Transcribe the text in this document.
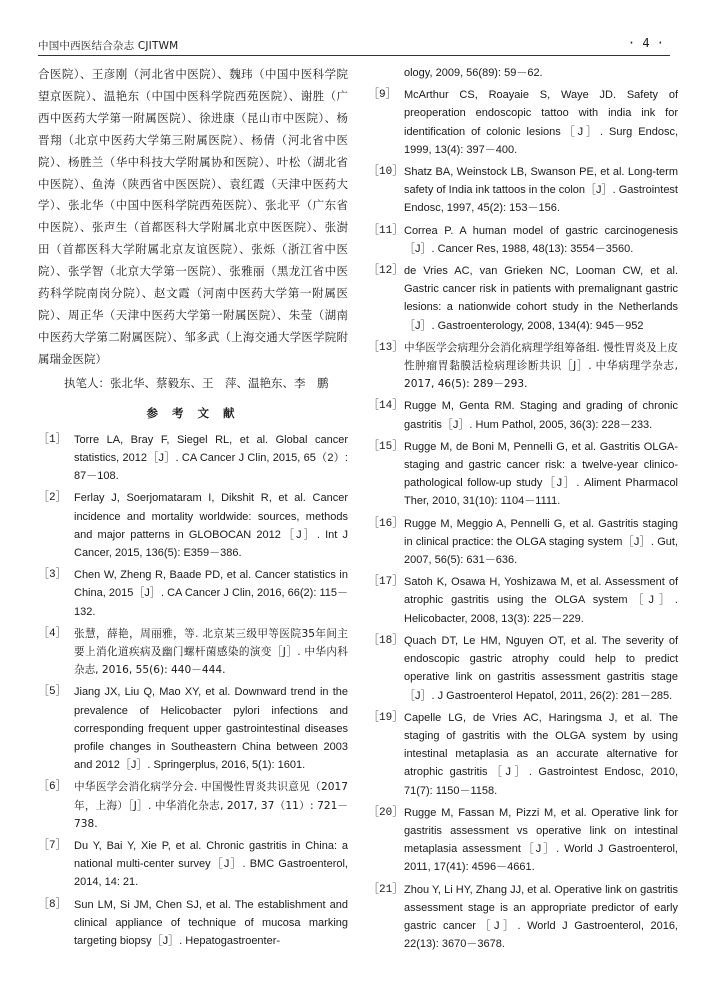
中国中西医结合杂志 CJITWM	· 4 ·

合医院）、王彦刚（河北省中医院）、魏玮（中国中医科学院望京医院）、温艳东（中国中医科学院西苑医院）、谢胜（广西中医药大学第一附属医院）、徐进康（昆山市中医院）、杨晋翔（北京中医药大学第三附属医院）、杨倩（河北省中医院）、杨胜兰（华中科技大学附属协和医院）、叶松（湖北省中医院）、鱼涛（陕西省中医医院）、袁红霞（天津中医药大学）、张北华（中国中医科学院西苑医院）、张北平（广东省中医院）、张声生（首都医科大学附属北京中医医院）、张澍田（首都医科大学附属北京友谊医院）、张烁（浙江省中医院）、张学智（北京大学第一医院）、张雅丽（黑龙江省中医药科学院南岗分院）、赵文霞（河南中医药大学第一附属医院）、周正华（天津中医药大学第一附属医院）、朱莹（湖南中医药大学第二附属医院）、邹多武（上海交通大学医学院附属瑞金医院）

执笔人：张北华、蔡毅东、王　萍、温艳东、李　鹏

参 考 文 献
［1］ Torre LA, Bray F, Siegel RL, et al. Global cancer statistics, 2012［J］. CA Cancer J Clin, 2015, 65（2）: 87－108.
［2］ Ferlay J, Soerjomataram I, Dikshit R, et al. Cancer incidence and mortality worldwide: sources, methods and major patterns in GLOBOCAN 2012［J］. Int J Cancer, 2015, 136(5): E359－386.
［3］ Chen W, Zheng R, Baade PD, et al. Cancer statistics in China, 2015［J］. CA Cancer J Clin, 2016, 66(2): 115－132.
［4］ 张慧，薛艳，周丽雅，等. 北京某三级甲等医院35年间主要上消化道疾病及幽门螺杆菌感染的演变［J］. 中华内科杂志, 2016, 55(6): 440－444.
［5］ Jiang JX, Liu Q, Mao XY, et al. Downward trend in the prevalence of Helicobacter pylori infections and corresponding frequent upper gastrointestinal diseases profile changes in Southeastern China between 2003 and 2012［J］. Springerplus, 2016, 5(1): 1601.
［6］ 中华医学会消化病学分会. 中国慢性胃炎共识意见（2017年，上海）［J］. 中华消化杂志, 2017, 37（11）: 721－738.
［7］ Du Y, Bai Y, Xie P, et al. Chronic gastritis in China: a national multi-center survey［J］. BMC Gastroenterol, 2014, 14: 21.
［8］ Sun LM, Si JM, Chen SJ, et al. The establishment and clinical appliance of technique of mucosa marking targeting biopsy［J］. Hepatogastroenter-
ology, 2009, 56(89): 59－62.
［9］ McArthur CS, Roayaie S, Waye JD. Safety of preoperation endoscopic tattoo with india ink for identification of colonic lesions［J］. Surg Endosc, 1999, 13(4): 397－400.
［10］ Shatz BA, Weinstock LB, Swanson PE, et al. Long-term safety of India ink tattoos in the colon［J］. Gastrointest Endosc, 1997, 45(2): 153－156.
［11］ Correa P. A human model of gastric carcinogenesis［J］. Cancer Res, 1988, 48(13): 3554－3560.
［12］ de Vries AC, van Grieken NC, Looman CW, et al. Gastric cancer risk in patients with premalignant gastric lesions: a nationwide cohort study in the Netherlands［J］. Gastroenterology, 2008, 134(4): 945－952
［13］ 中华医学会病理分会消化病理学组筹备组. 慢性胃炎及上皮性肿瘤胃黏膜活检病理诊断共识［J］. 中华病理学杂志, 2017, 46(5): 289－293.
［14］ Rugge M, Genta RM. Staging and grading of chronic gastritis［J］. Hum Pathol, 2005, 36(3): 228－233.
［15］ Rugge M, de Boni M, Pennelli G, et al. Gastritis OLGA-staging and gastric cancer risk: a twelve-year clinico-pathological follow-up study［J］. Aliment Pharmacol Ther, 2010, 31(10): 1104－1111.
［16］ Rugge M, Meggio A, Pennelli G, et al. Gastritis staging in clinical practice: the OLGA staging system［J］. Gut, 2007, 56(5): 631－636.
［17］ Satoh K, Osawa H, Yoshizawa M, et al. Assessment of atrophic gastritis using the OLGA system［J］. Helicobacter, 2008, 13(3): 225－229.
［18］ Quach DT, Le HM, Nguyen OT, et al. The severity of endoscopic gastric atrophy could help to predict operative link on gastritis assessment gastritis stage［J］. J Gastroenterol Hepatol, 2011, 26(2): 281－285.
［19］ Capelle LG, de Vries AC, Haringsma J, et al. The staging of gastritis with the OLGA system by using intestinal metaplasia as an accurate alternative for atrophic gastritis［J］. Gastrointest Endosc, 2010, 71(7): 1150－1158.
［20］ Rugge M, Fassan M, Pizzi M, et al. Operative link for gastritis assessment vs operative link on intestinal metaplasia assessment［J］. World J Gastroenterol, 2011, 17(41): 4596－4661.
［21］ Zhou Y, Li HY, Zhang JJ, et al. Operative link on gastritis assessment stage is an appropriate predictor of early gastric cancer［J］. World J Gastroenterol, 2016, 22(13): 3670－3678.
